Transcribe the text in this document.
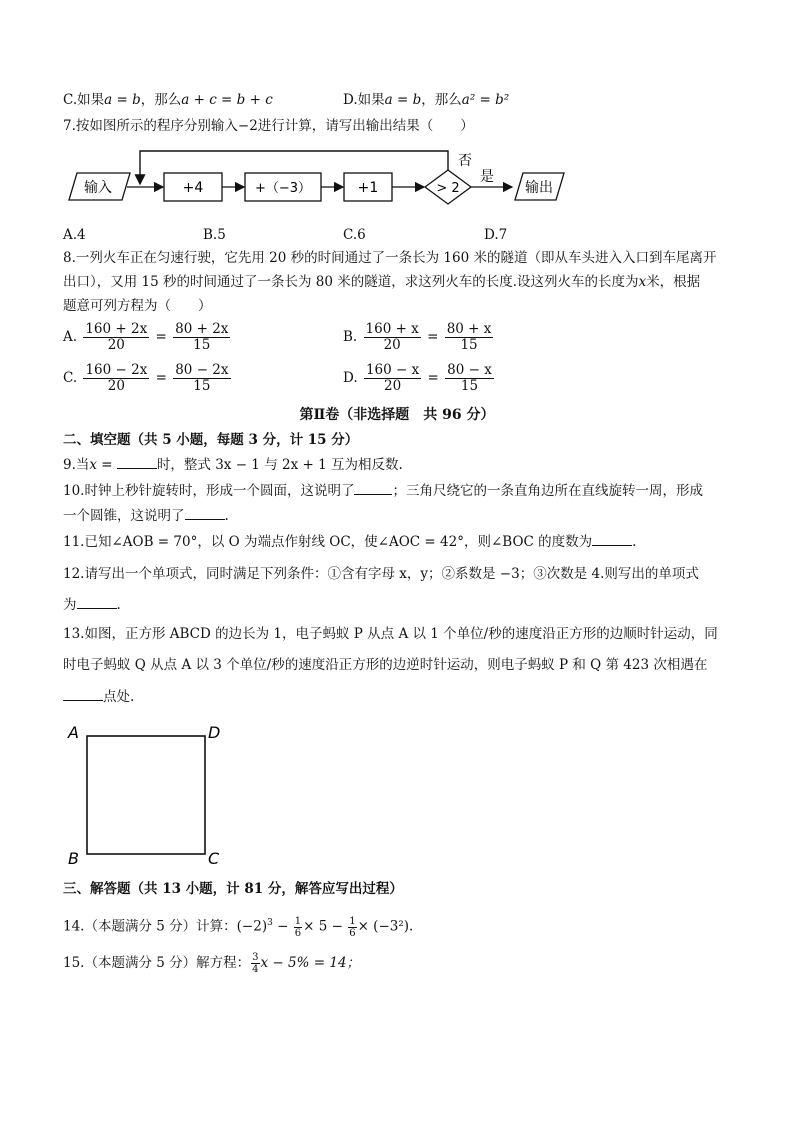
C.如果a = b，那么a + c = b + c	D.如果a = b，那么a² = b²
7.按如图所示的程序分别输入−2进行计算，请写出输出结果（　　）
输入	+4	+（−3）	+1	> 2
否
是
输出
A.4	B.5	C.6	D.7
8.一列火车正在匀速行驶，它先用 20 秒的时间通过了一条长为 160 米的隧道（即从车头进入入口到车尾离开
出口），又用 15 秒的时间通过了一条长为 80 米的隧道，求这列火车的长度.设这列火车的长度为x米，根据
题意可列方程为（　　）
A. $\frac{160 + 2x}{20} = \frac{80 + 2x}{15}$	B. $\frac{160 + x}{20} = \frac{80 + x}{15}$
C. $\frac{160 - 2x}{20} = \frac{80 - 2x}{15}$	D. $\frac{160 - x}{20} = \frac{80 - x}{15}$
第Ⅱ卷（非选择题　共 96 分）
二、填空题（共 5 小题，每题 3 分，计 15 分）
9.当x =	时，整式 3x − 1 与 2x + 1 互为相反数.
10.时钟上秒针旋转时，形成一个圆面，这说明了	；三角尺绕它的一条直角边所在直线旋转一周，形成
一个圆锥，这说明了	.
11.已知∠AOB = 70°，以 O 为端点作射线 OC，使∠AOC = 42°，则∠BOC 的度数为	.
12.请写出一个单项式，同时满足下列条件：①含有字母 x，y；②系数是 −3；③次数是 4.则写出的单项式
为	.
13.如图，正方形 ABCD 的边长为 1，电子蚂蚁 P 从点 A 以 1 个单位/秒的速度沿正方形的边顺时针运动，同
时电子蚂蚁 Q 从点 A 以 3 个单位/秒的速度沿正方形的边逆时针运动，则电子蚂蚁 P 和 Q 第 423 次相遇在
点处.
A	D
B	C
三、解答题（共 13 小题，计 81 分，解答应写出过程）
14.（本题满分 5 分）计算：$(-2)^3 - \frac{1}{6} \times 5 - \frac{1}{6} \times (-3^2)$.
15.（本题满分 5 分）解方程： $\frac{3}{4}$ x − 5% = 14；
